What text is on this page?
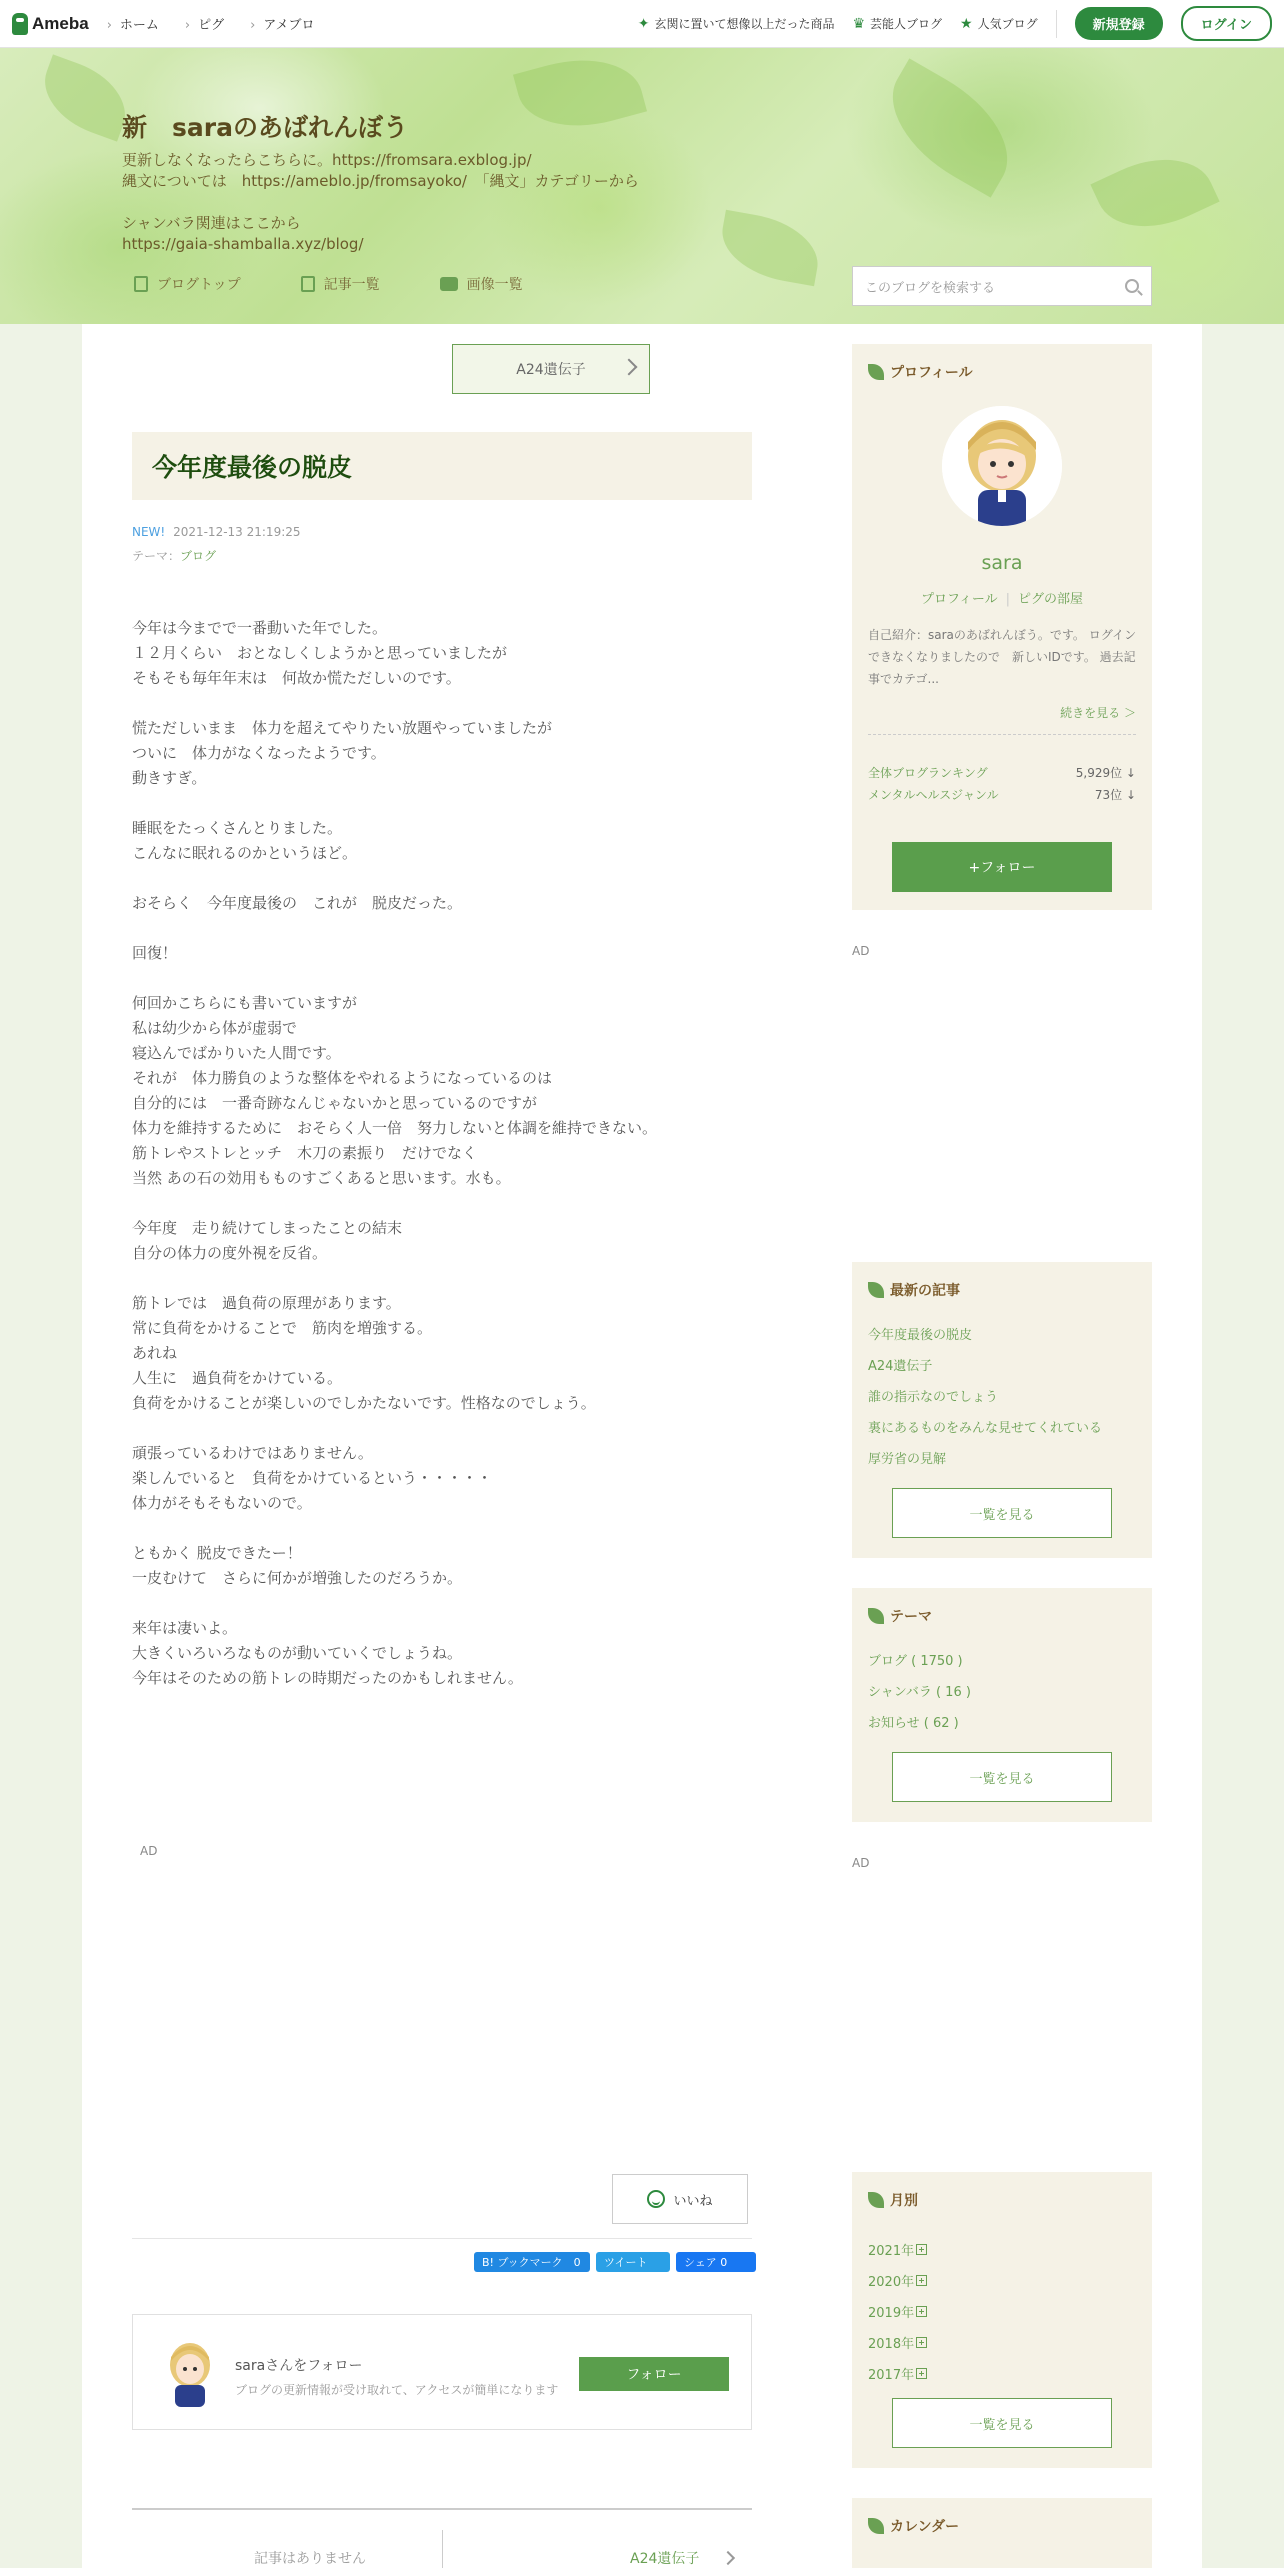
Ameba	› ホーム	› ピグ	› アメブロ	✦ 玄関に置いて想像以上だった商品 ♛ 芸能人ブログ ★ 人気ブログ	新規登録	ログイン
新　saraのあばれんぼう
更新しなくなったらこちらに。https://fromsara.exblog.jp/
縄文については　https://ameblo.jp/fromsayoko/　「縄文」カテゴリーから

シャンバラ関連はここから
https://gaia-shamballa.xyz/blog/
ブログトップ	記事一覧	画像一覧	このブログを検索する
A24遺伝子
今年度最後の脱皮
NEW! 2021-12-13 21:19:25
テーマ：ブログ
今年は今までで一番動いた年でした。
１２月くらい　おとなしくしようかと思っていましたが
そもそも毎年年末は　何故か慌ただしいのです。

慌ただしいまま　体力を超えてやりたい放題やっていましたが
ついに　体力がなくなったようです。
動きすぎ。

睡眠をたっくさんとりました。
こんなに眠れるのかというほど。

おそらく　今年度最後の　これが　脱皮だった。

回復！

何回かこちらにも書いていますが
私は幼少から体が虚弱で
寝込んでばかりいた人間です。
それが　体力勝負のような整体をやれるようになっているのは
自分的には　一番奇跡なんじゃないかと思っているのですが
体力を維持するために　おそらく人一倍　努力しないと体調を維持できない。
筋トレやストレとッチ　木刀の素振り　だけでなく
当然 あの石の効用もものすごくあると思います。水も。

今年度　走り続けてしまったことの結末
自分の体力の度外視を反省。

筋トレでは　過負荷の原理があります。
常に負荷をかけることで　筋肉を増強する。
あれね
人生に　過負荷をかけている。
負荷をかけることが楽しいのでしかたないです。性格なのでしょう。

頑張っているわけではありません。
楽しんでいると　負荷をかけているという・・・・・
体力がそもそもないので。

ともかく 脱皮できたー！
一皮むけて　さらに何かが増強したのだろうか。

来年は凄いよ。
大きくいろいろなものが動いていくでしょうね。
今年はそのための筋トレの時期だったのかもしれません。
AD
いいね
B! ブックマーク　0	ツイート	シェア 0
saraさんをフォロー
ブログの更新情報が受け取れて、アクセスが簡単になります
フォロー
記事はありません	A24遺伝子
プロフィール
sara
プロフィール | ピグの部屋
自己紹介：saraのあばれんぼう。です。 ログインできなくなりましたので　新しいIDです。 過去記事でカテゴ...
続きを見る ＞
全体ブログランキング	5,929位 ↓
メンタルヘルスジャンル	73位 ↓
+フォロー
AD
最新の記事
今年度最後の脱皮
A24遺伝子
誰の指示なのでしょう
裏にあるものをみんな見せてくれている
厚労省の見解
一覧を見る
テーマ
ブログ ( 1750 )
シャンバラ ( 16 )
お知らせ ( 62 )
一覧を見る
AD
月別
2021年
2020年
2019年
2018年
2017年
一覧を見る
カレンダー
